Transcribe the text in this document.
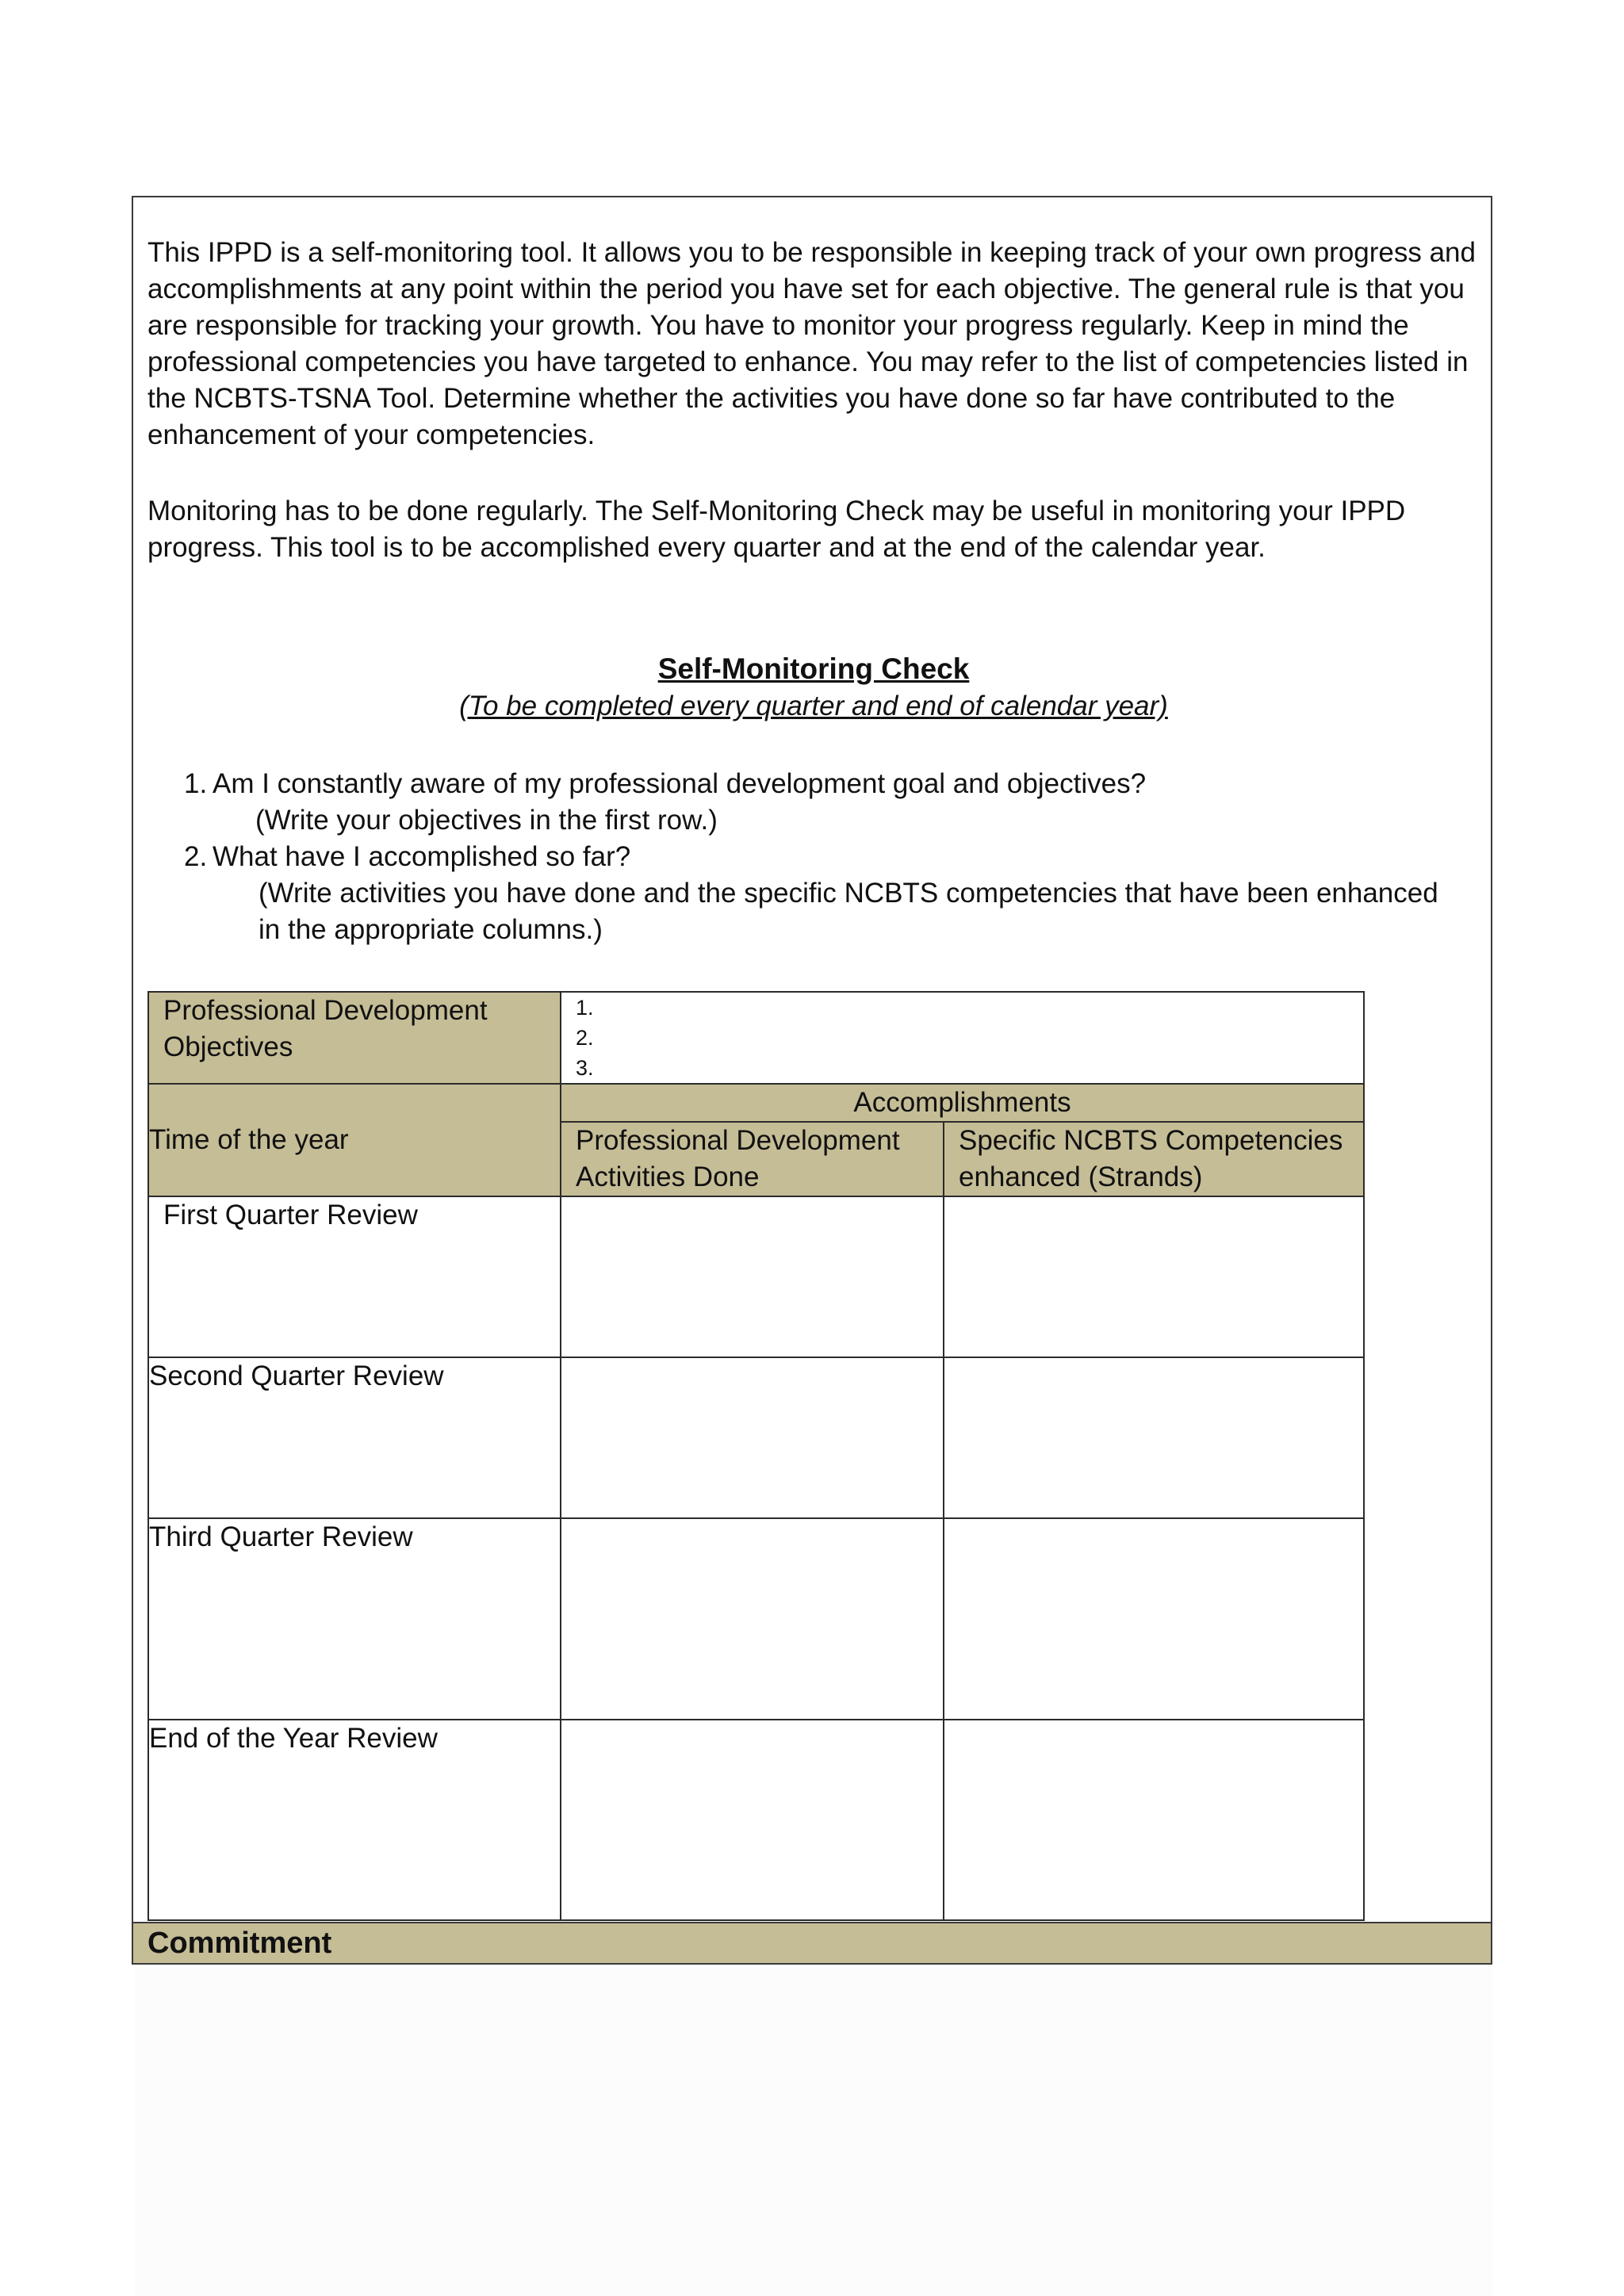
This IPPD is a self-monitoring tool. It allows you to be responsible in keeping track of your own progress and accomplishments at any point within the period you have set for each objective. The general rule is that you are responsible for tracking your growth. You have to monitor your progress regularly. Keep in mind the professional competencies you have targeted to enhance. You may refer to the list of competencies listed in the NCBTS-TSNA Tool. Determine whether the activities you have done so far have contributed to the enhancement of your competencies.

Monitoring has to be done regularly. The Self-Monitoring Check may be useful in monitoring your IPPD progress. This tool is to be accomplished every quarter and at the end of the calendar year.

Self-Monitoring Check
(To be completed every quarter and end of calendar year)
1. Am I constantly aware of my professional development goal and objectives?
(Write your objectives in the first row.)
2. What have I accomplished so far?
(Write activities you have done and the specific NCBTS competencies that have been enhanced in the appropriate columns.)
Professional Development Objectives	1.
2.
3.	

Time of the year	Accomplishments	
	Professional Development Activities Done	Specific NCBTS Competencies enhanced (Strands)
First Quarter Review		
Second Quarter Review		
Third Quarter Review		
End of the Year Review		
Commitment
